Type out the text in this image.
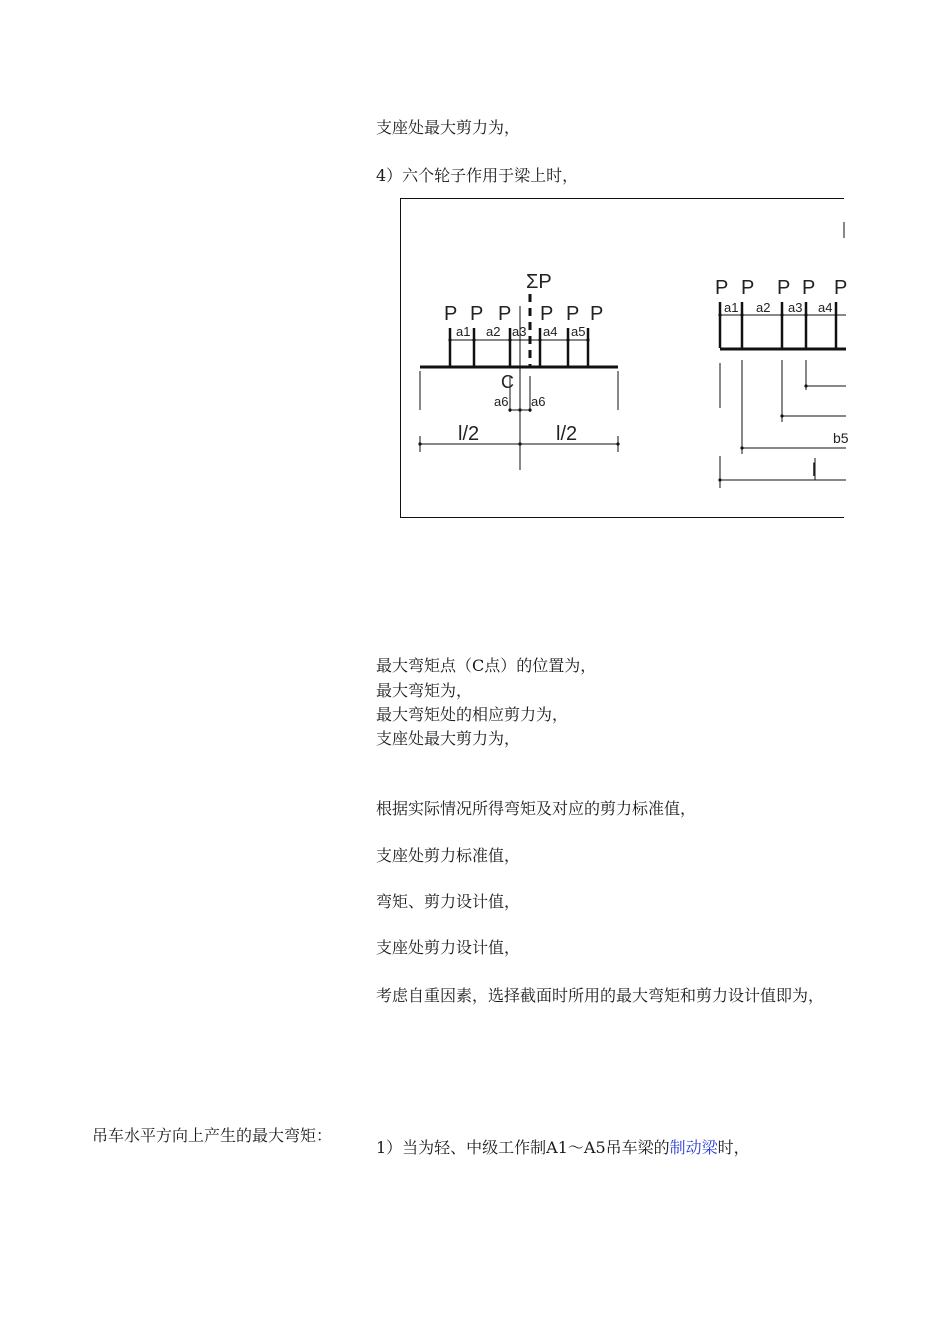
支座处最大剪力为，
4）六个轮子作用于梁上时，
ΣP
P P P P P P
a1 a2 a3 a4 a5
C
a6 a6
l/2	l/2
P P P P P
a1 a2 a3 a4
b5
l
最大弯矩点（C点）的位置为，
最大弯矩为，
最大弯矩处的相应剪力为，
支座处最大剪力为，
根据实际情况所得弯矩及对应的剪力标准值，
支座处剪力标准值，
弯矩、剪力设计值，
支座处剪力设计值，
考虑自重因素，选择截面时所用的最大弯矩和剪力设计值即为，
吊车水平方向上产生的最大弯矩：
1）当为轻、中级工作制A1～A5吊车梁的制动梁时，
